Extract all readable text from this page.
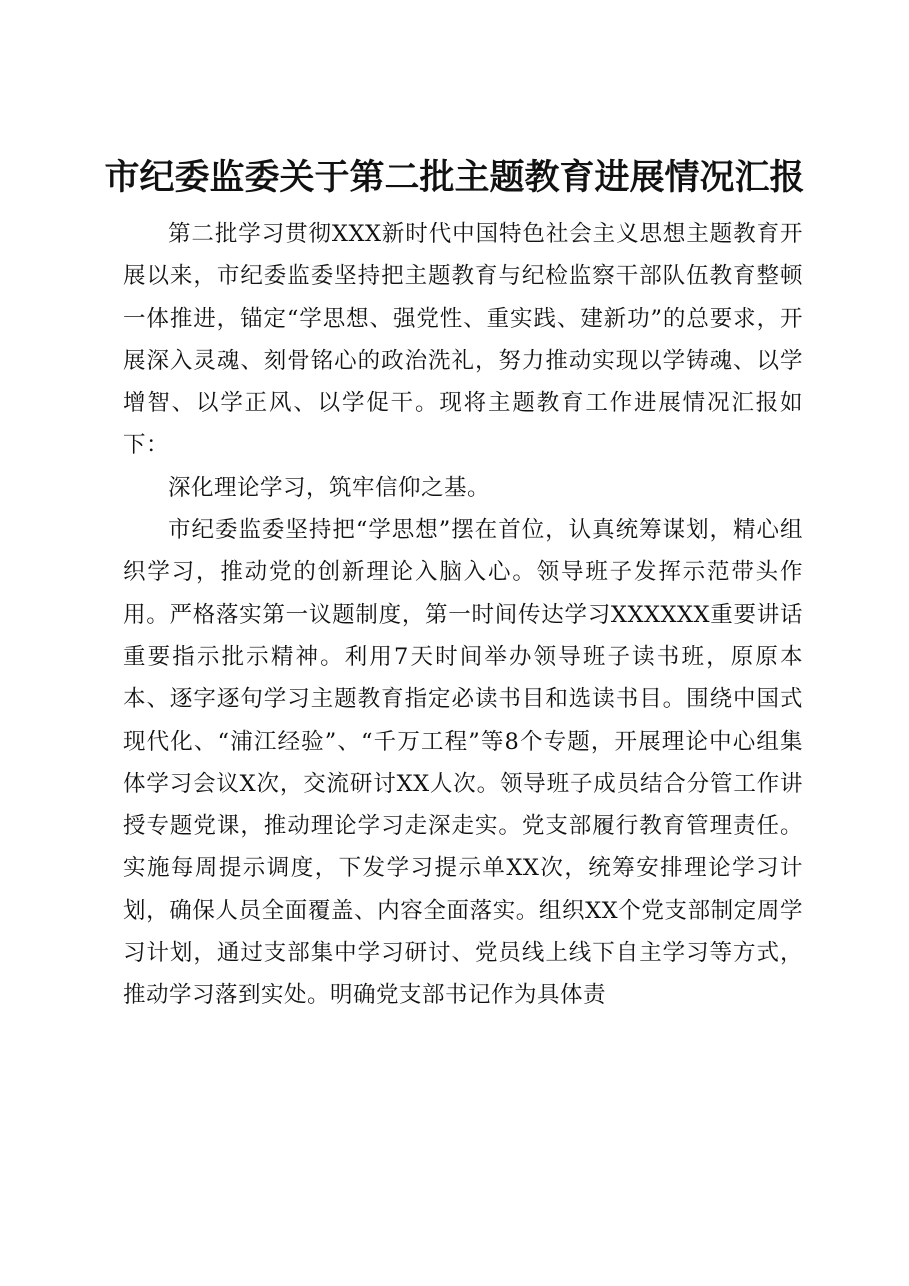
市纪委监委关于第二批主题教育进展情况汇报

第二批学习贯彻XXX新时代中国特色社会主义思想主题教育开展以来，市纪委监委坚持把主题教育与纪检监察干部队伍教育整顿一体推进，锚定“学思想、强党性、重实践、建新功”的总要求，开展深入灵魂、刻骨铭心的政治洗礼，努力推动实现以学铸魂、以学增智、以学正风、以学促干。现将主题教育工作进展情况汇报如下：

深化理论学习，筑牢信仰之基。

市纪委监委坚持把“学思想”摆在首位，认真统筹谋划，精心组织学习，推动党的创新理论入脑入心。领导班子发挥示范带头作用。严格落实第一议题制度，第一时间传达学习XXXXXX重要讲话重要指示批示精神。利用7天时间举办领导班子读书班，原原本本、逐字逐句学习主题教育指定必读书目和选读书目。围绕中国式现代化、“浦江经验”、“千万工程”等8个专题，开展理论中心组集体学习会议X次，交流研讨XX人次。领导班子成员结合分管工作讲授专题党课，推动理论学习走深走实。党支部履行教育管理责任。实施每周提示调度，下发学习提示单XX次，统筹安排理论学习计划，确保人员全面覆盖、内容全面落实。组织XX个党支部制定周学习计划，通过支部集中学习研讨、党员线上线下自主学习等方式，推动学习落到实处。明确党支部书记作为具体责
